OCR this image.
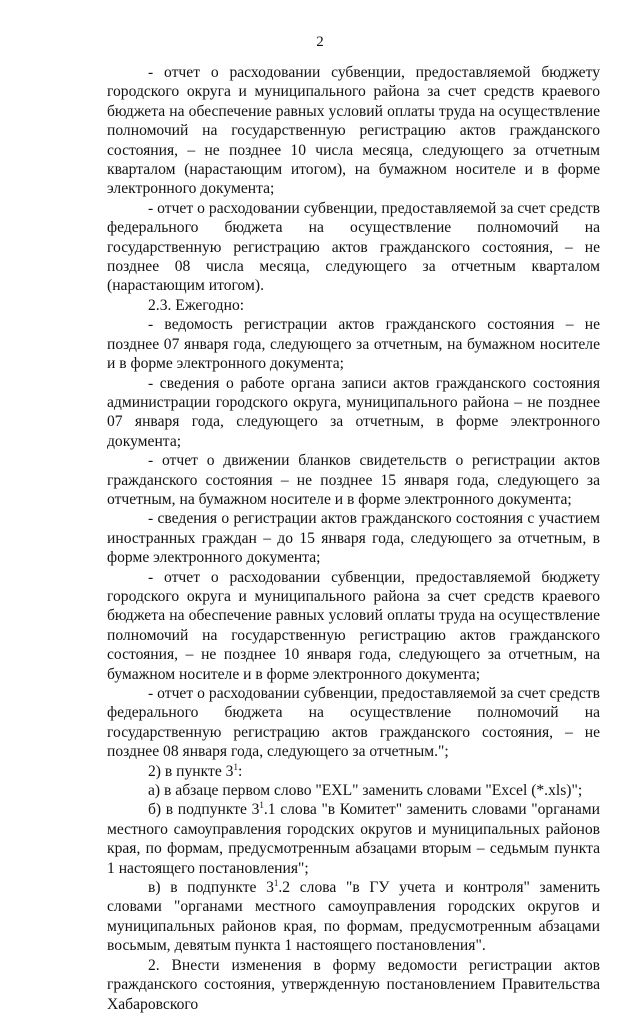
2

- отчет о расходовании субвенции, предоставляемой бюджету городского округа и муниципального района за счет средств краевого бюджета на обеспечение равных условий оплаты труда на осуществление полномочий на государственную регистрацию актов гражданского состояния, – не позднее 10 числа месяца, следующего за отчетным кварталом (нарастающим итогом), на бумажном носителе и в форме электронного документа;

- отчет о расходовании субвенции, предоставляемой за счет средств федерального бюджета на осуществление полномочий на государственную регистрацию актов гражданского состояния, – не позднее 08 числа месяца, следующего за отчетным кварталом (нарастающим итогом).

2.3. Ежегодно:

- ведомость регистрации актов гражданского состояния – не позднее 07 января года, следующего за отчетным, на бумажном носителе и в форме электронного документа;

- сведения о работе органа записи актов гражданского состояния администрации городского округа, муниципального района – не позднее 07 января года, следующего за отчетным, в форме электронного документа;

- отчет о движении бланков свидетельств о регистрации актов гражданского состояния – не позднее 15 января года, следующего за отчетным, на бумажном носителе и в форме электронного документа;

- сведения о регистрации актов гражданского состояния с участием иностранных граждан – до 15 января года, следующего за отчетным, в форме электронного документа;

- отчет о расходовании субвенции, предоставляемой бюджету городского округа и муниципального района за счет средств краевого бюджета на обеспечение равных условий оплаты труда на осуществление полномочий на государственную регистрацию актов гражданского состояния, – не позднее 10 января года, следующего за отчетным, на бумажном носителе и в форме электронного документа;

- отчет о расходовании субвенции, предоставляемой за счет средств федерального бюджета на осуществление полномочий на государственную регистрацию актов гражданского состояния, – не позднее 08 января года, следующего за отчетным.";

2) в пункте $3^1$:

а) в абзаце первом слово "EXL" заменить словами "Excel (*.xls)";

б) в подпункте $3^1.1$ слова "в Комитет" заменить словами "органами местного самоуправления городских округов и муниципальных районов края, по формам, предусмотренным абзацами вторым – седьмым пункта 1 настоящего постановления";

в) в подпункте $3^1.2$ слова "в ГУ учета и контроля" заменить словами "органами местного самоуправления городских округов и муниципальных районов края, по формам, предусмотренным абзацами восьмым, девятым пункта 1 настоящего постановления".

2. Внести изменения в форму ведомости регистрации актов гражданского состояния, утвержденную постановлением Правительства Хабаровского
